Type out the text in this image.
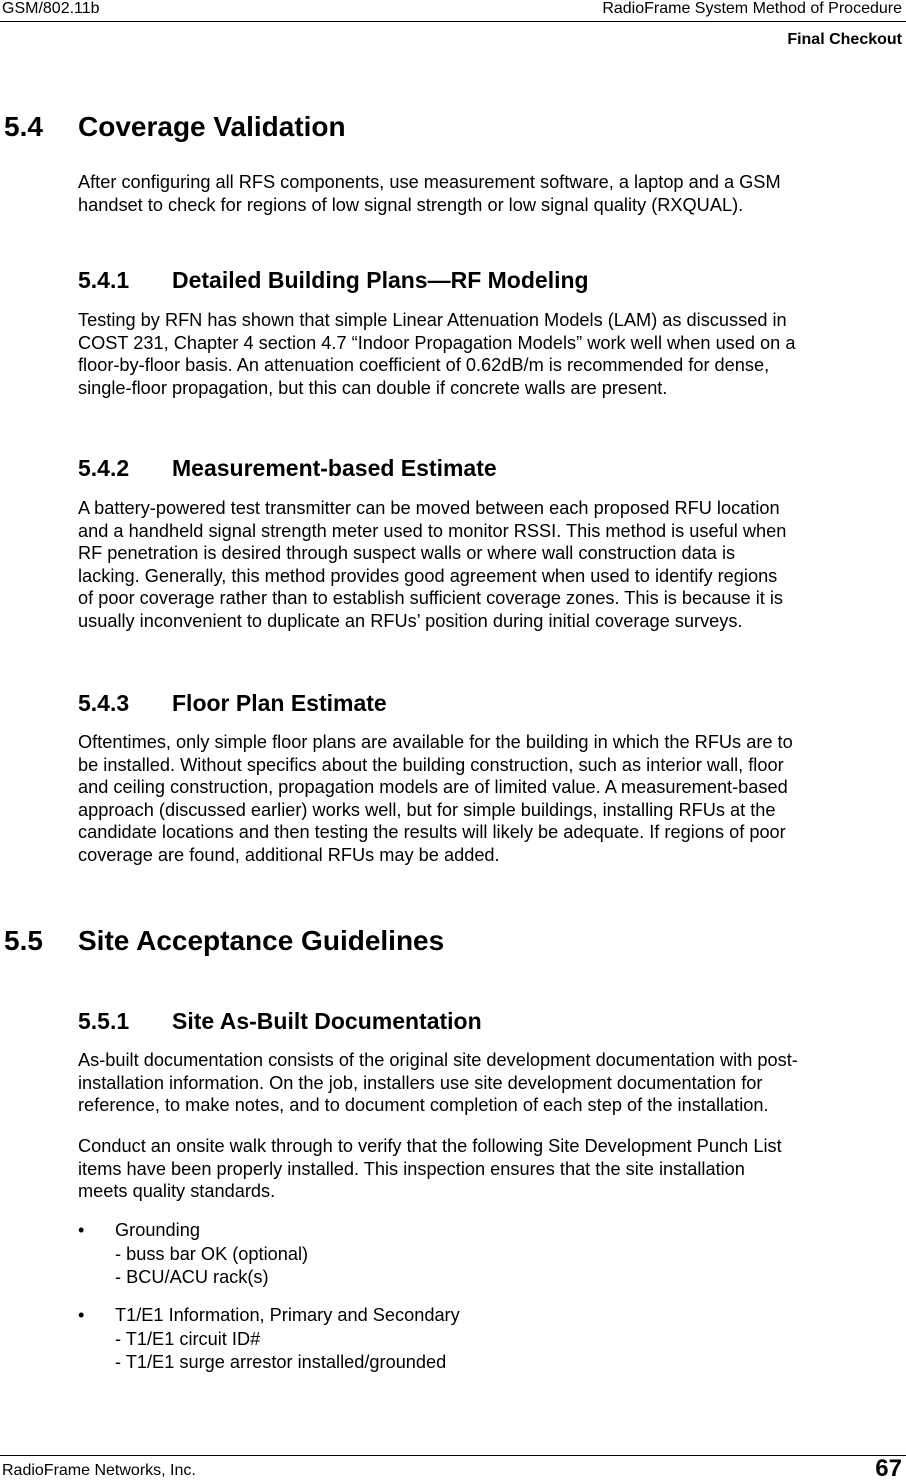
GSM/802.11b	RadioFrame System Method of Procedure
Final Checkout
5.4 Coverage Validation
After configuring all RFS components, use measurement software, a laptop and a GSM
handset to check for regions of low signal strength or low signal quality (RXQUAL).
5.4.1 Detailed Building Plans—RF Modeling
Testing by RFN has shown that simple Linear Attenuation Models (LAM) as discussed in
COST 231, Chapter 4 section 4.7 “Indoor Propagation Models” work well when used on a
floor-by-floor basis. An attenuation coefficient of 0.62dB/m is recommended for dense,
single-floor propagation, but this can double if concrete walls are present.
5.4.2 Measurement-based Estimate
A battery-powered test transmitter can be moved between each proposed RFU location
and a handheld signal strength meter used to monitor RSSI. This method is useful when
RF penetration is desired through suspect walls or where wall construction data is
lacking. Generally, this method provides good agreement when used to identify regions
of poor coverage rather than to establish sufficient coverage zones. This is because it is
usually inconvenient to duplicate an RFUs’ position during initial coverage surveys.
5.4.3 Floor Plan Estimate
Oftentimes, only simple floor plans are available for the building in which the RFUs are to
be installed. Without specifics about the building construction, such as interior wall, floor
and ceiling construction, propagation models are of limited value. A measurement-based
approach (discussed earlier) works well, but for simple buildings, installing RFUs at the
candidate locations and then testing the results will likely be adequate. If regions of poor
coverage are found, additional RFUs may be added.
5.5 Site Acceptance Guidelines
5.5.1 Site As-Built Documentation
As-built documentation consists of the original site development documentation with post-
installation information. On the job, installers use site development documentation for
reference, to make notes, and to document completion of each step of the installation.
Conduct an onsite walk through to verify that the following Site Development Punch List
items have been properly installed. This inspection ensures that the site installation
meets quality standards.
• Grounding
- buss bar OK (optional)
- BCU/ACU rack(s)
• T1/E1 Information, Primary and Secondary
- T1/E1 circuit ID#
- T1/E1 surge arrestor installed/grounded
RadioFrame Networks, Inc.	67
